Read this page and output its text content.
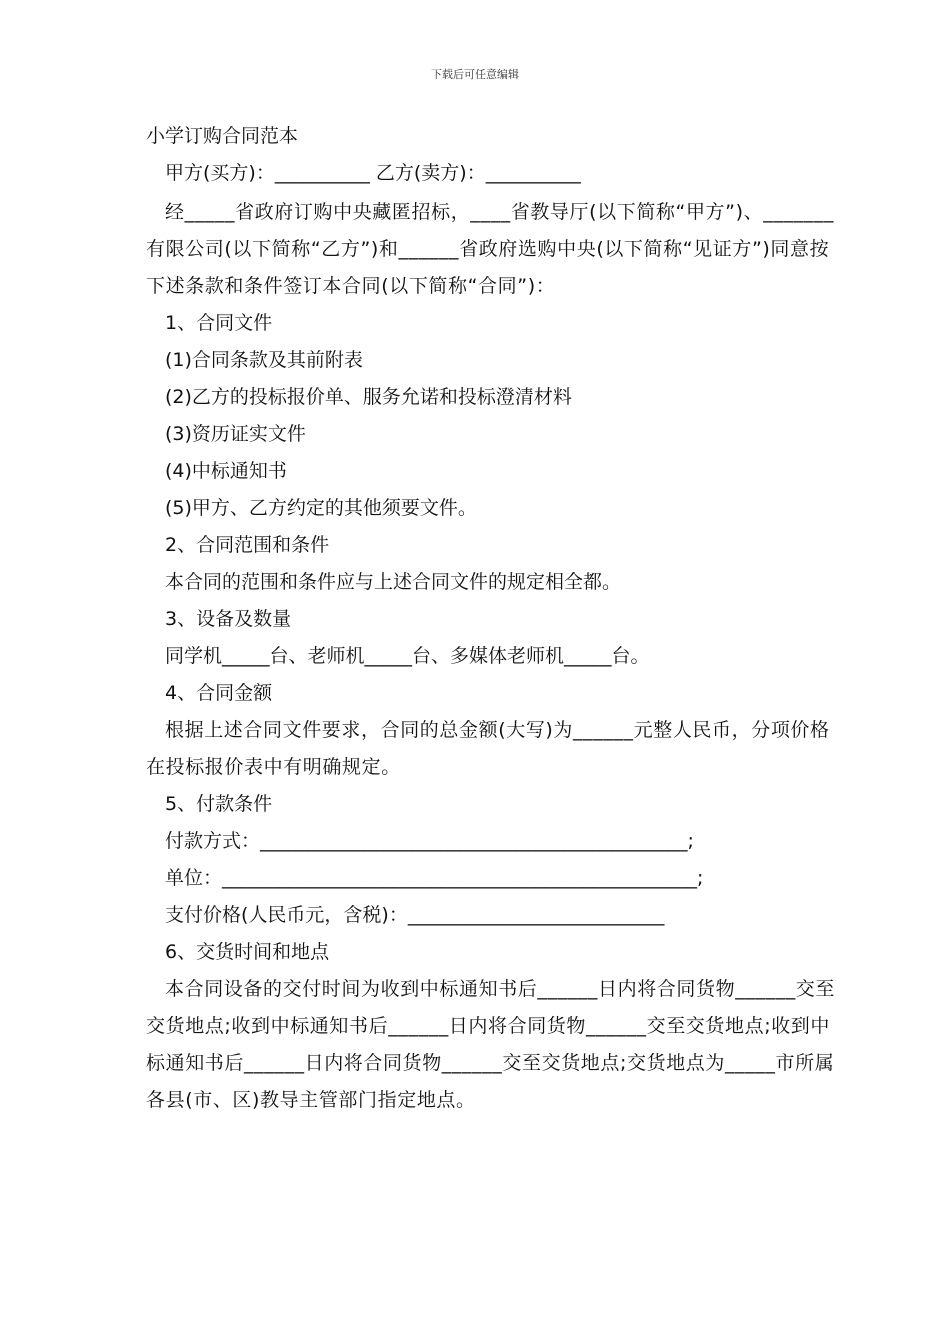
下载后可任意编辑
小学订购合同范本
甲方(买方)：__________ 乙方(卖方)：__________
经_____省政府订购中央藏匿招标，____省教导厅(以下简称“甲方”)、_______有限公司(以下简称“乙方”)和______省政府选购中央(以下简称“见证方”)同意按下述条款和条件签订本合同(以下简称“合同”)：
1、合同文件
(1)合同条款及其前附表
(2)乙方的投标报价单、服务允诺和投标澄清材料
(3)资历证实文件
(4)中标通知书
(5)甲方、乙方约定的其他须要文件。
2、合同范围和条件
本合同的范围和条件应与上述合同文件的规定相全都。
3、设备及数量
同学机_____台、老师机_____台、多媒体老师机_____台。
4、合同金额
根据上述合同文件要求，合同的总金额(大写)为______元整人民币，分项价格在投标报价表中有明确规定。
5、付款条件
付款方式：_____________________________________________;
单位：__________________________________________________;
支付价格(人民币元，含税)：___________________________
6、交货时间和地点
本合同设备的交付时间为收到中标通知书后______日内将合同货物______交至交货地点;收到中标通知书后______日内将合同货物______交至交货地点;收到中标通知书后______日内将合同货物______交至交货地点;交货地点为_____市所属各县(市、区)教导主管部门指定地点。
